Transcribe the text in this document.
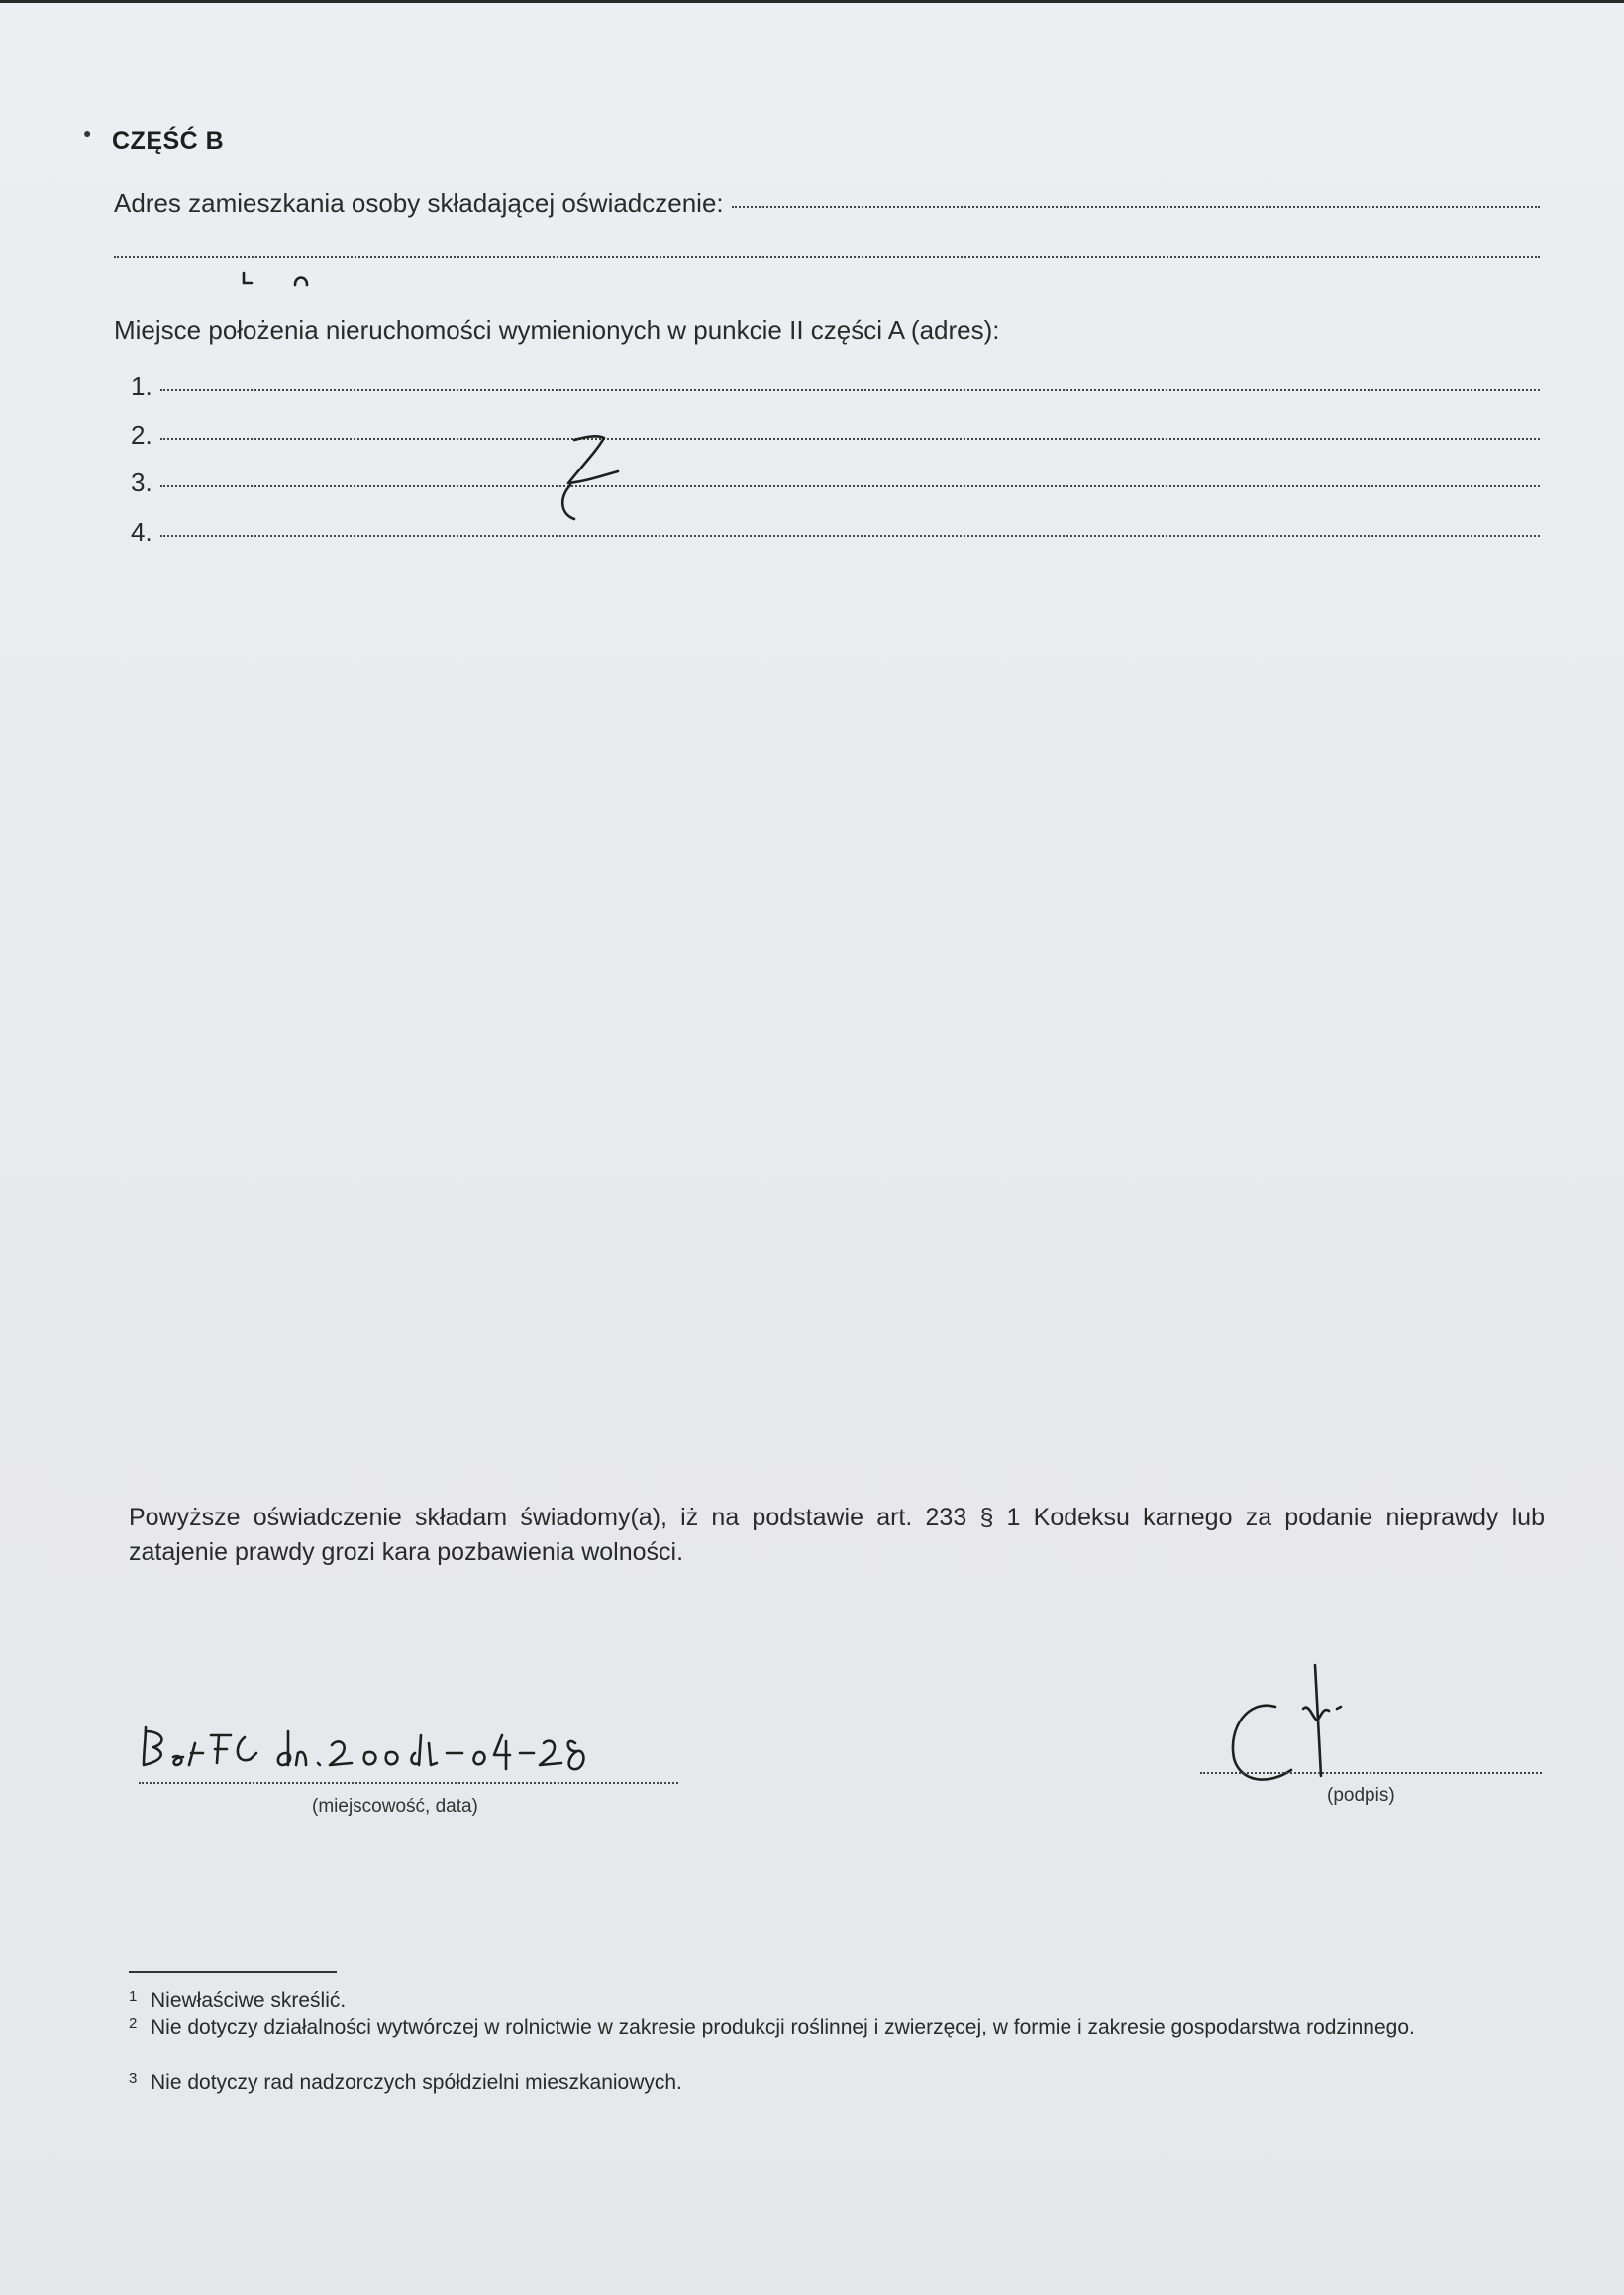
● CZĘŚĆ B
Adres zamieszkania osoby składającej oświadczenie:
Miejsce położenia nieruchomości wymienionych w punkcie II części A (adres):
1.
2.
3.
4.
Powyższe oświadczenie składam świadomy(a), iż na podstawie art. 233 § 1 Kodeksu karnego za podanie nieprawdy lub zatajenie prawdy grozi kara pozbawienia wolności.
(miejscowość, data)
(podpis)
1 Niewłaściwe skreślić.
2 Nie dotyczy działalności wytwórczej w rolnictwie w zakresie produkcji roślinnej i zwierzęcej, w formie i zakresie gospodarstwa rodzinnego.
3 Nie dotyczy rad nadzorczych spółdzielni mieszkaniowych.
